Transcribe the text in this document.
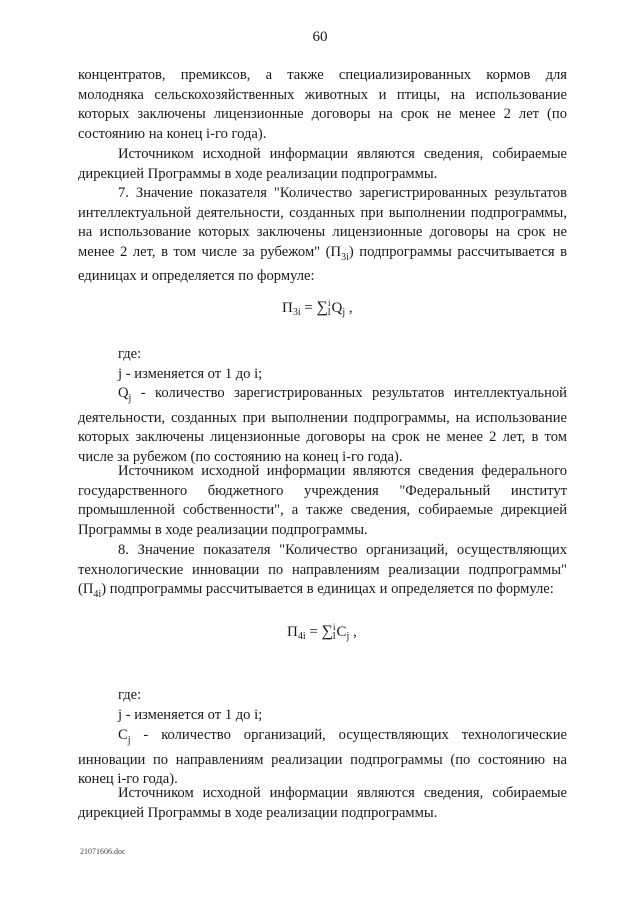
60

концентратов, премиксов, а также специализированных кормов для молодняка сельскохозяйственных животных и птицы, на использование которых заключены лицензионные договоры на срок не менее 2 лет (по состоянию на конец i-го года).

Источником исходной информации являются сведения, собираемые дирекцией Программы в ходе реализации подпрограммы.

7. Значение показателя "Количество зарегистрированных результатов интеллектуальной деятельности, созданных при выполнении подпрограммы, на использование которых заключены лицензионные договоры на срок не менее 2 лет, в том числе за рубежом" $(П_{3i})$ подпрограммы рассчитывается в единицах и определяется по формуле:

$П_{3i} = \sum^i_1Q_j$ ,

где:

j - изменяется от 1 до i;

$Q_j$ - количество зарегистрированных результатов интеллектуальной деятельности, созданных при выполнении подпрограммы, на использование которых заключены лицензионные договоры на срок не менее 2 лет, в том числе за рубежом (по состоянию на конец i-го года).

Источником исходной информации являются сведения федерального государственного бюджетного учреждения "Федеральный институт промышленной собственности", а также сведения, собираемые дирекцией Программы в ходе реализации подпрограммы.

8. Значение показателя "Количество организаций, осуществляющих технологические инновации по направлениям реализации подпрограммы" $(П_{4i})$ подпрограммы рассчитывается в единицах и определяется по формуле:

$П_{4i} = \sum^i_1C_j$ ,

где:

j - изменяется от 1 до i;

$C_j$ - количество организаций, осуществляющих технологические инновации по направлениям реализации подпрограммы (по состоянию на конец i-го года).

Источником исходной информации являются сведения, собираемые дирекцией Программы в ходе реализации подпрограммы.

21071606.doc
